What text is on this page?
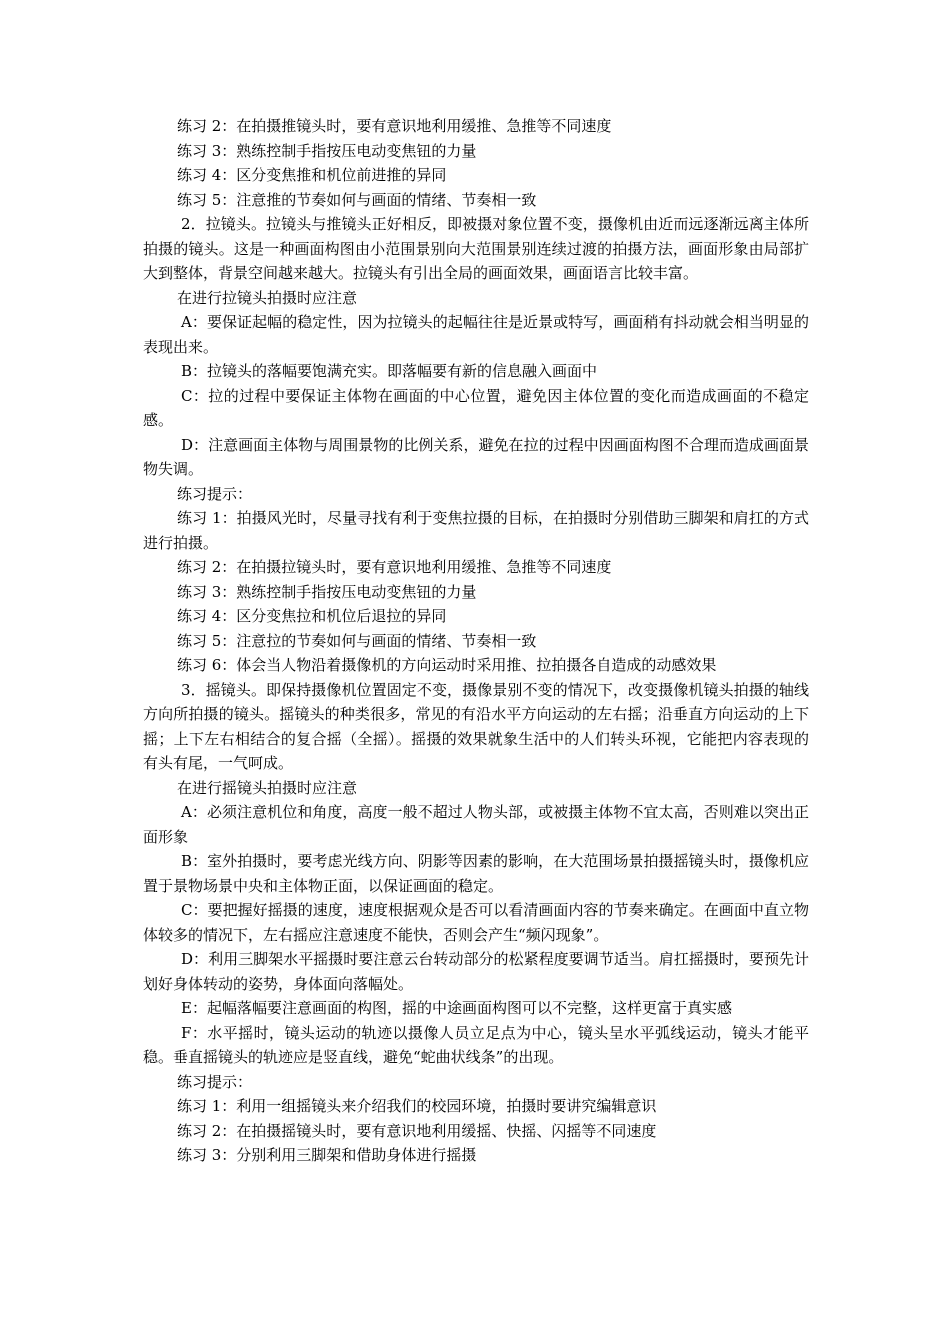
练习 2：在拍摄推镜头时，要有意识地利用缓推、急推等不同速度

练习 3：熟练控制手指按压电动变焦钮的力量

练习 4：区分变焦推和机位前进推的异同

练习 5：注意推的节奏如何与画面的情绪、节奏相一致

2．拉镜头。拉镜头与推镜头正好相反，即被摄对象位置不变，摄像机由近而远逐渐远离主体所拍摄的镜头。这是一种画面构图由小范围景别向大范围景别连续过渡的拍摄方法，画面形象由局部扩大到整体，背景空间越来越大。拉镜头有引出全局的画面效果，画面语言比较丰富。

在进行拉镜头拍摄时应注意

A：要保证起幅的稳定性，因为拉镜头的起幅往往是近景或特写，画面稍有抖动就会相当明显的表现出来。

B：拉镜头的落幅要饱满充实。即落幅要有新的信息融入画面中

C：拉的过程中要保证主体物在画面的中心位置，避免因主体位置的变化而造成画面的不稳定感。

D：注意画面主体物与周围景物的比例关系，避免在拉的过程中因画面构图不合理而造成画面景物失调。

练习提示：

练习 1：拍摄风光时，尽量寻找有利于变焦拉摄的目标，在拍摄时分别借助三脚架和肩扛的方式进行拍摄。

练习 2：在拍摄拉镜头时，要有意识地利用缓推、急推等不同速度

练习 3：熟练控制手指按压电动变焦钮的力量

练习 4：区分变焦拉和机位后退拉的异同

练习 5：注意拉的节奏如何与画面的情绪、节奏相一致

练习 6：体会当人物沿着摄像机的方向运动时采用推、拉拍摄各自造成的动感效果

3．摇镜头。即保持摄像机位置固定不变，摄像景别不变的情况下，改变摄像机镜头拍摄的轴线方向所拍摄的镜头。摇镜头的种类很多，常见的有沿水平方向运动的左右摇；沿垂直方向运动的上下摇；上下左右相结合的复合摇（全摇）。摇摄的效果就象生活中的人们转头环视，它能把内容表现的有头有尾，一气呵成。

在进行摇镜头拍摄时应注意

A：必须注意机位和角度，高度一般不超过人物头部，或被摄主体物不宜太高，否则难以突出正面形象

B：室外拍摄时，要考虑光线方向、阴影等因素的影响，在大范围场景拍摄摇镜头时，摄像机应置于景物场景中央和主体物正面，以保证画面的稳定。

C：要把握好摇摄的速度，速度根据观众是否可以看清画面内容的节奏来确定。在画面中直立物体较多的情况下，左右摇应注意速度不能快，否则会产生“频闪现象”。

D：利用三脚架水平摇摄时要注意云台转动部分的松紧程度要调节适当。肩扛摇摄时，要预先计划好身体转动的姿势，身体面向落幅处。

E：起幅落幅要注意画面的构图，摇的中途画面构图可以不完整，这样更富于真实感

F：水平摇时，镜头运动的轨迹以摄像人员立足点为中心，镜头呈水平弧线运动，镜头才能平稳。垂直摇镜头的轨迹应是竖直线，避免“蛇曲状线条”的出现。

练习提示：

练习 1：利用一组摇镜头来介绍我们的校园环境，拍摄时要讲究编辑意识

练习 2：在拍摄摇镜头时，要有意识地利用缓摇、快摇、闪摇等不同速度

练习 3：分别利用三脚架和借助身体进行摇摄
